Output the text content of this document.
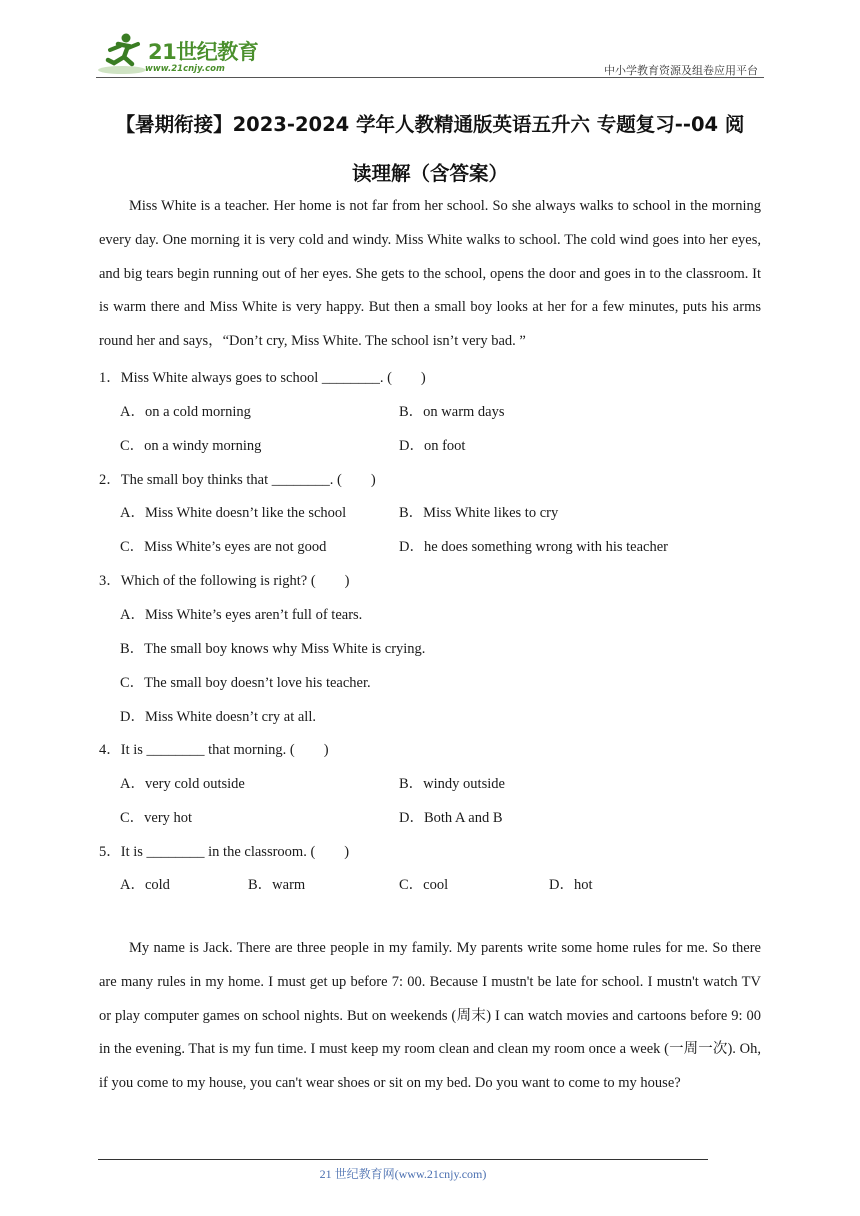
21世纪教育
www.21cnjy.com	中小学教育资源及组卷应用平台
【暑期衔接】2023-2024 学年人教精通版英语五升六 专题复习--04 阅
读理解（含答案）

Miss White is a teacher. Her home is not far from her school. So she always walks to school in the morning every day. One morning it is very cold and windy. Miss White walks to school. The cold wind goes into her eyes, and big tears begin running out of her eyes. She gets to the school, opens the door and goes in to the classroom. It is warm there and Miss White is very happy. But then a small boy looks at her for a few minutes, puts his arms round her and says，“Don’t cry, Miss White. The school isn’t very bad. ”

1．Miss White always goes to school ________. (　　)
A．on a cold morning	B．on warm days
C．on a windy morning	D．on foot
2．The small boy thinks that ________. (　　)
A．Miss White doesn’t like the school	B．Miss White likes to cry
C．Miss White’s eyes are not good	D．he does something wrong with his teacher
3．Which of the following is right? (　　)
A．Miss White’s eyes aren’t full of tears.
B．The small boy knows why Miss White is crying.
C．The small boy doesn’t love his teacher.
D．Miss White doesn’t cry at all.
4．It is ________ that morning. (　　)
A．very cold outside	B．windy outside
C．very hot	D．Both A and B
5．It is ________ in the classroom. (　　)
A．cold	B．warm	C．cool	D．hot

My name is Jack. There are three people in my family. My parents write some home rules for me. So there are many rules in my home. I must get up before 7: 00. Because I mustn't be late for school. I mustn't watch TV or play computer games on school nights. But on weekends (周末) I can watch movies and cartoons before 9: 00 in the evening. That is my fun time. I must keep my room clean and clean my room once a week (一周一次). Oh, if you come to my house, you can't wear shoes or sit on my bed. Do you want to come to my house?

21 世纪教育网(www.21cnjy.com)
